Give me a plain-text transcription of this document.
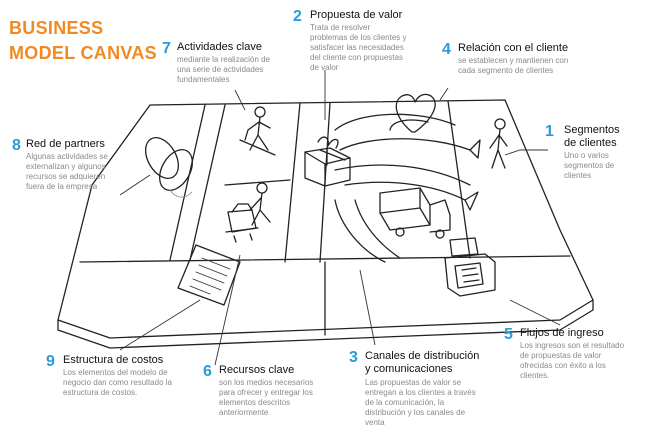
BUSINESS
MODEL CANVAS
1 Segmentos
de clientes
Uno o varios
segmentos de
clientes
2 Propuesta de valor
Trata de resolver
problemas de los clientes y
satisfacer las necesidades
del cliente con propuestas
de valor
3 Canales de distribución
y comunicaciones
Las propuestas de valor se
entregan a los clientes a través
de la comunicación, la
distribución y los canales de
venta
4 Relación con el cliente
se establecen y mantienen con
cada segmento de clientes
5 Flujos de ingreso
Los ingresos son el resultado
de propuestas de valor
ofrecidas con éxito a los
clientes.
6 Recursos clave
son los medios necesarios
para ofrecer y entregar los
elementos descritos
anteriormente
7 Actividades clave
mediante la realización de
una serie de actividades
fundamentales
8 Red de partners
Algunas actividades se
externalizan y algunos
recursos se adquieren
fuera de la empresa
9 Estructura de costos
Los elementos del modelo de
negocio dan como resultado la
estructura de costos.
